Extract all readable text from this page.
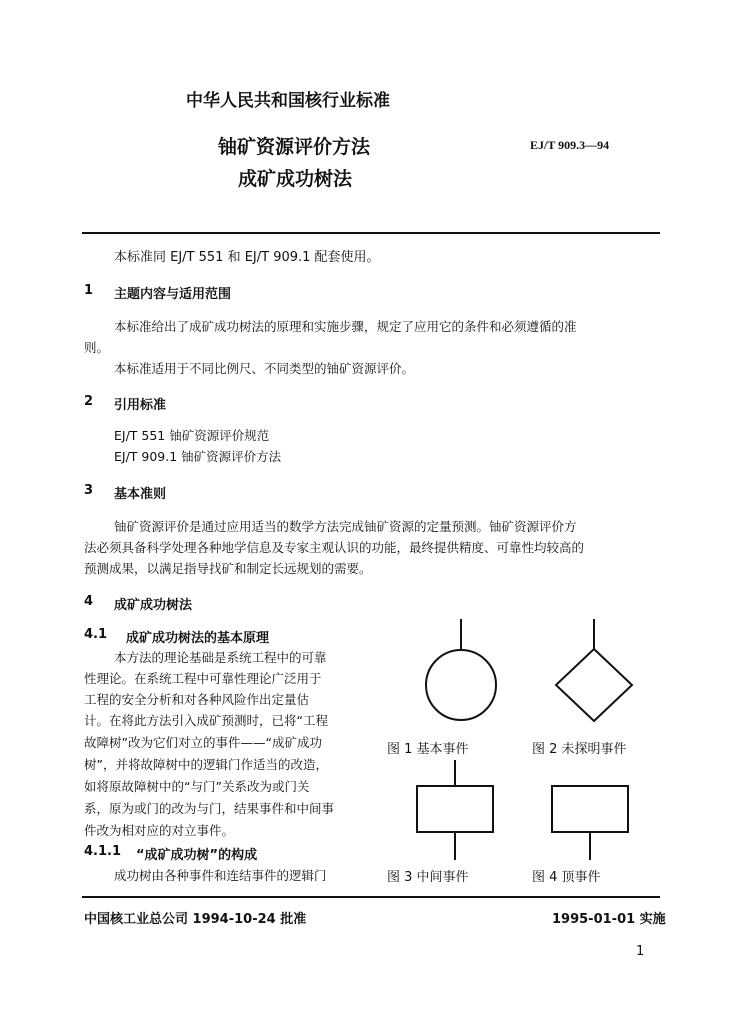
中华人民共和国核行业标准
铀矿资源评价方法
成矿成功树法
EJ/T 909.3—94
本标准同 EJ/T 551 和 EJ/T 909.1 配套使用。
1 主题内容与适用范围
本标准给出了成矿成功树法的原理和实施步骤，规定了应用它的条件和必须遵循的准
则。
本标准适用于不同比例尺、不同类型的铀矿资源评价。
2 引用标准
EJ/T 551 铀矿资源评价规范
EJ/T 909.1 铀矿资源评价方法
3 基本准则
铀矿资源评价是通过应用适当的数学方法完成铀矿资源的定量预测。铀矿资源评价方
法必须具备科学处理各种地学信息及专家主观认识的功能，最终提供精度、可靠性均较高的
预测成果，以满足指导找矿和制定长远规划的需要。
4 成矿成功树法
4.1 成矿成功树法的基本原理
本方法的理论基础是系统工程中的可靠
性理论。在系统工程中可靠性理论广泛用于
工程的安全分析和对各种风险作出定量估
计。在将此方法引入成矿预测时，已将“工程
故障树”改为它们对立的事件——“成矿成功
树”，并将故障树中的逻辑门作适当的改造，
如将原故障树中的“与门”关系改为或门关
系，原为或门的改为与门，结果事件和中间事
件改为相对应的对立事件。
4.1.1 “成矿成功树”的构成
成功树由各种事件和连结事件的逻辑门
图 1 基本事件	图 2 未探明事件
图 3 中间事件	图 4 顶事件
中国核工业总公司 1994-10-24 批准	1995-01-01 实施
1
